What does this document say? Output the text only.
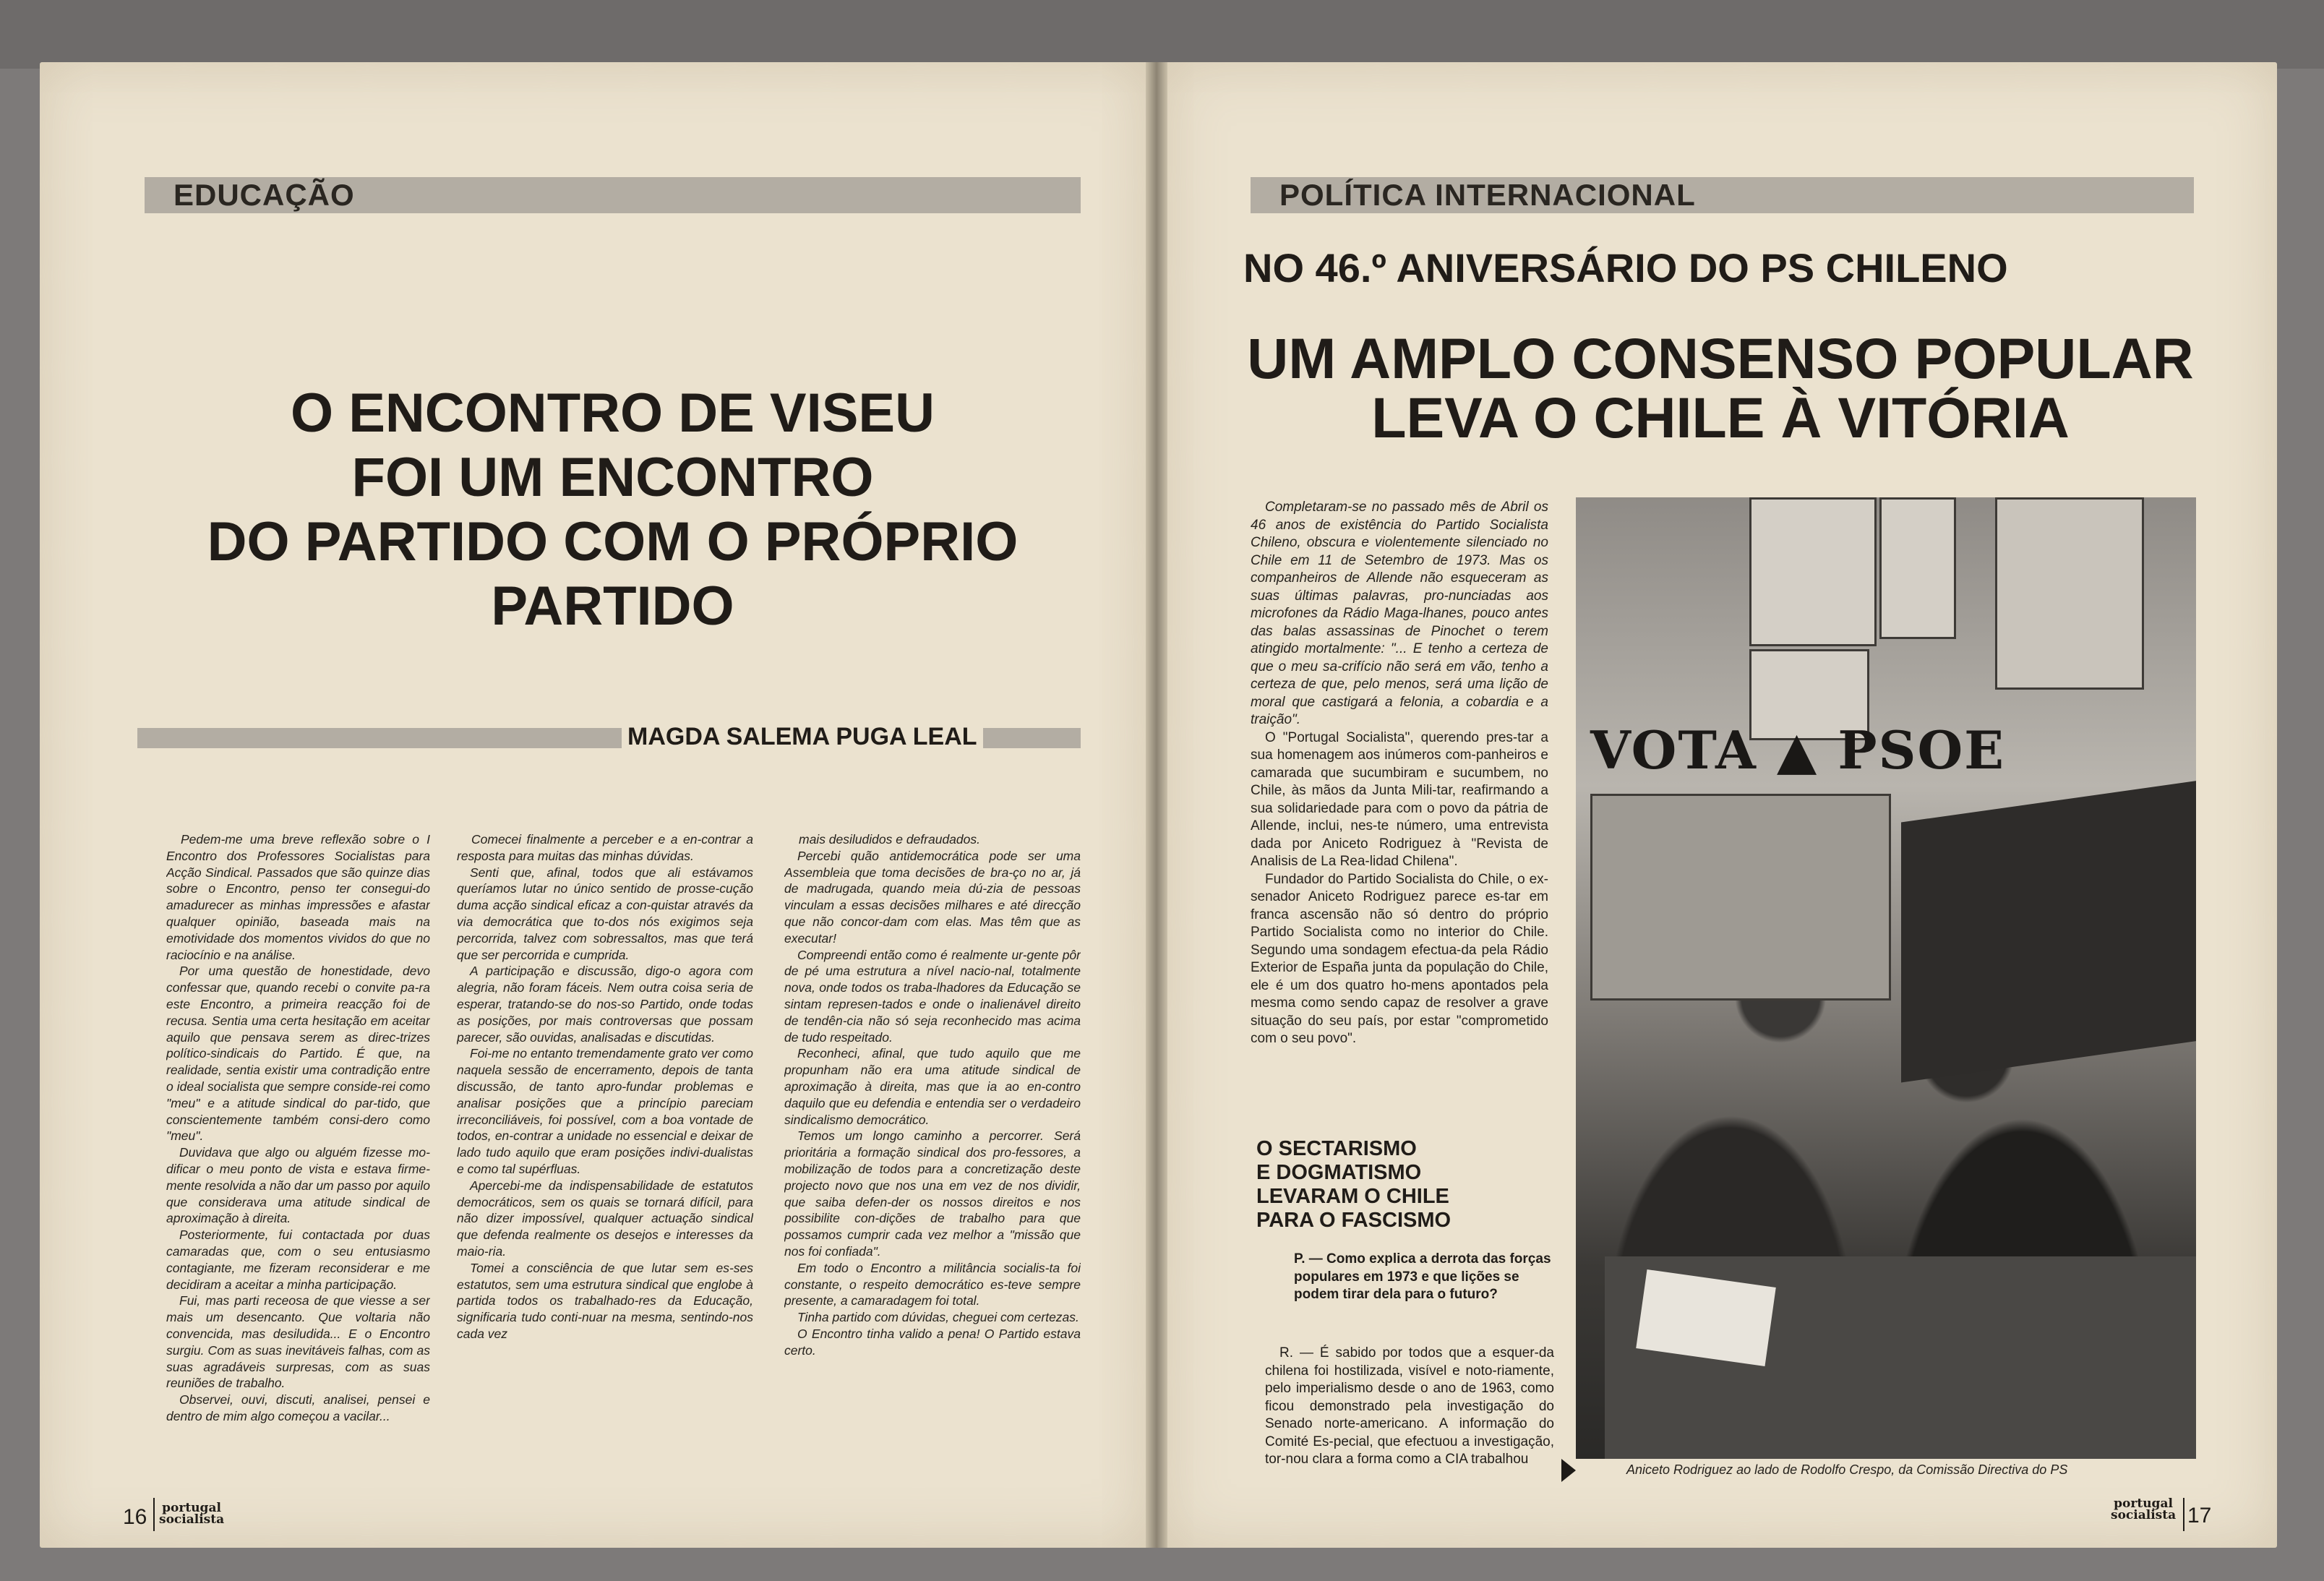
EDUCAÇÃO
O ENCONTRO DE VISEU
FOI UM ENCONTRO
DO PARTIDO COM O PRÓPRIO
PARTIDO
MAGDA SALEMA PUGA LEAL

Pedem-me uma breve reflexão sobre o I Encontro dos Professores Socialistas para Acção Sindical. Passados que são quinze dias sobre o Encontro, penso ter consegui-do amadurecer as minhas impressões e afastar qualquer opinião, baseada mais na emotividade dos momentos vividos do que no raciocínio e na análise.

Por uma questão de honestidade, devo confessar que, quando recebi o convite pa-ra este Encontro, a primeira reacção foi de recusa. Sentia uma certa hesitação em aceitar aquilo que pensava serem as direc-trizes político-sindicais do Partido. É que, na realidade, sentia existir uma contradição entre o ideal socialista que sempre conside-rei como "meu" e a atitude sindical do par-tido, que conscientemente também consi-dero como "meu".

Duvidava que algo ou alguém fizesse mo-dificar o meu ponto de vista e estava firme-mente resolvida a não dar um passo por aquilo que considerava uma atitude sindical de aproximação à direita.

Posteriormente, fui contactada por duas camaradas que, com o seu entusiasmo contagiante, me fizeram reconsiderar e me decidiram a aceitar a minha participação.

Fui, mas parti receosa de que viesse a ser mais um desencanto. Que voltaria não convencida, mas desiludida... E o Encontro surgiu. Com as suas inevitáveis falhas, com as suas agradáveis surpresas, com as suas reuniões de trabalho.

Observei, ouvi, discuti, analisei, pensei e dentro de mim algo começou a vacilar...

Comecei finalmente a perceber e a en-contrar a resposta para muitas das minhas dúvidas.

Senti que, afinal, todos que ali estávamos queríamos lutar no único sentido de prosse-cução duma acção sindical eficaz a con-quistar através da via democrática que to-dos nós exigimos seja percorrida, talvez com sobressaltos, mas que terá que ser percorrida e cumprida.

A participação e discussão, digo-o agora com alegria, não foram fáceis. Nem outra coisa seria de esperar, tratando-se do nos-so Partido, onde todas as posições, por mais controversas que possam parecer, são ouvidas, analisadas e discutidas.

Foi-me no entanto tremendamente grato ver como naquela sessão de encerramento, depois de tanta discussão, de tanto apro-fundar problemas e analisar posições que a princípio pareciam irreconciliáveis, foi possível, com a boa vontade de todos, en-contrar a unidade no essencial e deixar de lado tudo aquilo que eram posições indivi-dualistas e como tal supérfluas.

Apercebi-me da indispensabilidade de estatutos democráticos, sem os quais se tornará difícil, para não dizer impossível, qualquer actuação sindical que defenda realmente os desejos e interesses da maio-ria.

Tomei a consciência de que lutar sem es-ses estatutos, sem uma estrutura sindical que englobe à partida todos os trabalhado-res da Educação, significaria tudo conti-nuar na mesma, sentindo-nos cada vez

mais desiludidos e defraudados.

Percebi quão antidemocrática pode ser uma Assembleia que toma decisões de bra-ço no ar, já de madrugada, quando meia dú-zia de pessoas vinculam a essas decisões milhares e até direcção que não concor-dam com elas. Mas têm que as executar!

Compreendi então como é realmente ur-gente pôr de pé uma estrutura a nível nacio-nal, totalmente nova, onde todos os traba-lhadores da Educação se sintam represen-tados e onde o inalienável direito de tendên-cia não só seja reconhecido mas acima de tudo respeitado.

Reconheci, afinal, que tudo aquilo que me propunham não era uma atitude sindical de aproximação à direita, mas que ia ao en-contro daquilo que eu defendia e entendia ser o verdadeiro sindicalismo democrático.

Temos um longo caminho a percorrer. Será prioritária a formação sindical dos pro-fessores, a mobilização de todos para a concretização deste projecto novo que nos una em vez de nos dividir, que saiba defen-der os nossos direitos e nos possibilite con-dições de trabalho para que possamos cumprir cada vez melhor a "missão que nos foi confiada".

Em todo o Encontro a militância socialis-ta foi constante, o respeito democrático es-teve sempre presente, a camaradagem foi total.

Tinha partido com dúvidas, cheguei com certezas.

O Encontro tinha valido a pena! O Partido estava certo.

16 portugal
socialista
POLÍTICA INTERNACIONAL
NO 46.º ANIVERSÁRIO DO PS CHILENO
UM AMPLO CONSENSO POPULAR
LEVA O CHILE À VITÓRIA

Completaram-se no passado mês de Abril os 46 anos de existência do Partido Socialista Chileno, obscura e violentemente silenciado no Chile em 11 de Setembro de 1973. Mas os companheiros de Allende não esqueceram as suas últimas palavras, pro-nunciadas aos microfones da Rádio Maga-lhanes, pouco antes das balas assassinas de Pinochet o terem atingido mortalmente: "... E tenho a certeza de que o meu sa-crifício não será em vão, tenho a certeza de que, pelo menos, será uma lição de moral que castigará a felonia, a cobardia e a traição".

O "Portugal Socialista", querendo pres-tar a sua homenagem aos inúmeros com-panheiros e camarada que sucumbiram e sucumbem, no Chile, às mãos da Junta Mili-tar, reafirmando a sua solidariedade para com o povo da pátria de Allende, inclui, nes-te número, uma entrevista dada por Aniceto Rodriguez à "Revista de Analisis de La Rea-lidad Chilena".

Fundador do Partido Socialista do Chile, o ex-senador Aniceto Rodriguez parece es-tar em franca ascensão não só dentro do próprio Partido Socialista como no interior do Chile. Segundo uma sondagem efectua-da pela Rádio Exterior de España junta da população do Chile, ele é um dos quatro ho-mens apontados pela mesma como sendo capaz de resolver a grave situação do seu país, por estar "comprometido com o seu povo".

O SECTARISMO
E DOGMATISMO
LEVARAM O CHILE
PARA O FASCISMO
P. — Como explica a derrota das forças populares em 1973 e que lições se podem tirar dela para o futuro?
R. — É sabido por todos que a esquer-da chilena foi hostilizada, visível e noto-riamente, pelo imperialismo desde o ano de 1963, como ficou demonstrado pela investigação do Senado norte-americano. A informação do Comité Es-pecial, que efectuou a investigação, tor-nou clara a forma como a CIA trabalhou
VOTA ▲ PSOE
Aniceto Rodriguez ao lado de Rodolfo Crespo, da Comissão Directiva do PS
portugal
socialista 17
